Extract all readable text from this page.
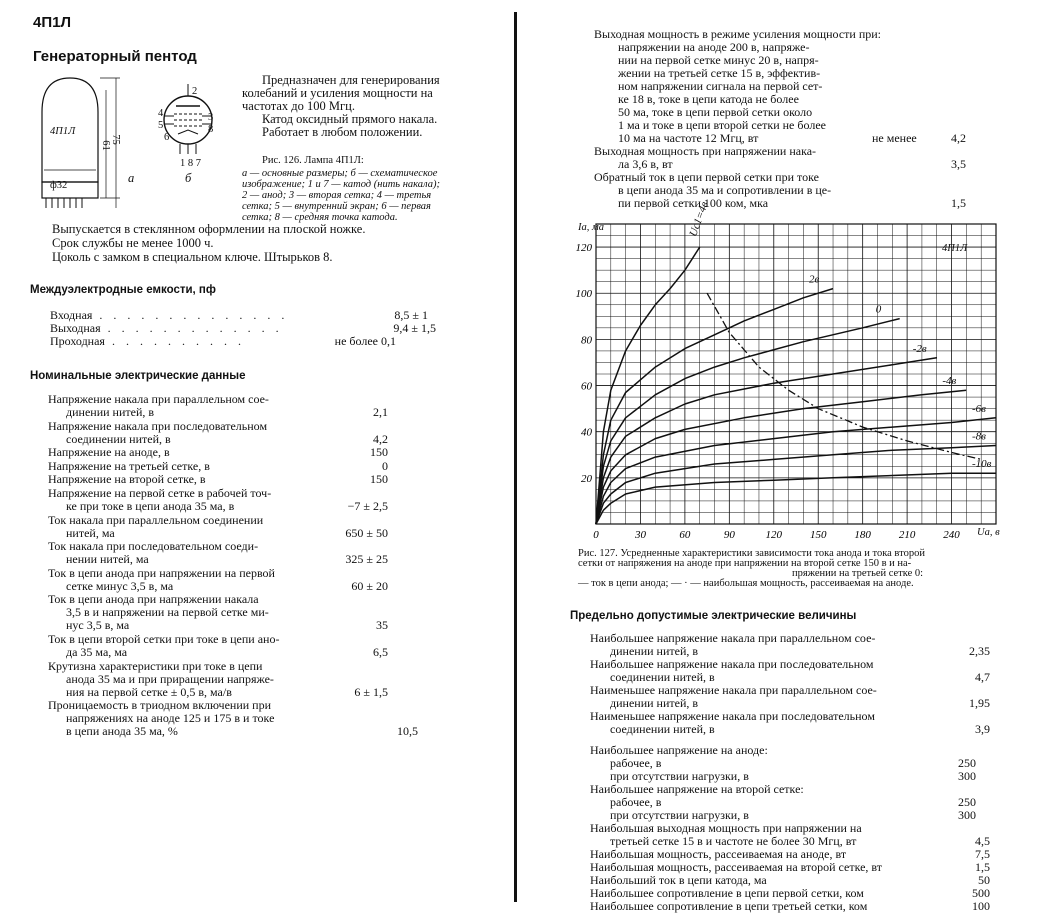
4П1Л
Генераторный пентод
4П1Л
ф32
61
75
а	б
2
4
5
6
3
8
1 8 7
Предназначен для генерирования
колебаний и усиления мощности на
частотах до 100 Мгц.
Катод оксидный прямого накала.
Работает в любом положении.
Рис. 126. Лампа 4П1Л:
а — основные размеры; б — схематическое
изображение; 1 и 7 — катод (нить накала);
2 — анод; 3 — вторая сетка; 4 — третья
сетка; 5 — внутренний экран; 6 — первая
сетка; 8 — средняя точка катода.
Выпускается в стеклянном оформлении на плоской ножке.
Срок службы не менее 1000 ч.
Цоколь с замком в специальном ключе. Штырьков 8.
Междуэлектродные емкости, пф
Входная . . . . . . . . . . . . . .	8,5 ± 1
Выходная . . . . . . . . . . . . .	9,4 ± 1,5
Проходная . . . . . . . . . .	не более 0,1
Номинальные электрические данные
Напряжение накала при параллельном сое-
динении нитей, в	2,1
Напряжение накала при последовательном
соединении нитей, в	4,2
Напряжение на аноде, в	150
Напряжение на третьей сетке, в	0
Напряжение на второй сетке, в	150
Напряжение на первой сетке в рабочей точ-
ке при токе в цепи анода 35 ма, в	−7 ± 2,5
Ток накала при параллельном соединении
нитей, ма	650 ± 50
Ток накала при последовательном соеди-
нении нитей, ма	325 ± 25
Ток в цепи анода при напряжении на первой
сетке минус 3,5 в, ма	60 ± 20
Ток в цепи анода при напряжении накала
3,5 в и напряжении на первой сетке ми-
нус 3,5 в, ма	35
Ток в цепи второй сетки при токе в цепи ано-
да 35 ма, ма	6,5
Крутизна характеристики при токе в цепи
анода 35 ма и при приращении напряже-
ния на первой сетке ± 0,5 в, ма/в	6 ± 1,5
Проницаемость в триодном включении при
напряжениях на аноде 125 и 175 в и токе
в цепи анода 35 ма, %	10,5
Выходная мощность в режиме усиления мощности при:
напряжении на аноде 200 в, напряже-
нии на первой сетке минус 20 в, напря-
жении на третьей сетке 15 в, эффектив-
ном напряжении сигнала на первой сет-
ке 18 в, токе в цепи катода не более
50 ма, токе в цепи первой сетки около
1 ма и токе в цепи второй сетки не более
10 ма на частоте 12 Мгц, вт	не менее	4,2
Выходная мощность при напряжении нака-
ла 3,6 в, вт	3,5
Обратный ток в цепи первой сетки при токе
в цепи анода 35 ма и сопротивлении в це-
пи первой сетки 100 ком, мка	1,5
0	30	60	90	120	150	180	210	240
20
40
60
80
100
120
Uc1=4в
2в
0
-2в
-4в
-6в
-8в
-10в
Ia, ма
Ua, в
4П1Л
Рис. 127. Усредненные характеристики зависимости тока анода и тока второй
сетки от напряжения на аноде при напряжении на второй сетке 150 в и на-
пряжении на третьей сетке 0:
— ток в цепи анода; — · — наибольшая мощность, рассеиваемая на аноде.
Предельно допустимые электрические величины
Наибольшее напряжение накала при параллельном сое-
динении нитей, в	2,35
Наибольшее напряжение накала при последовательном
соединении нитей, в	4,7
Наименьшее напряжение накала при параллельном сое-
динении нитей, в	1,95
Наименьшее напряжение накала при последовательном
соединении нитей, в	3,9
Наибольшее напряжение на аноде:
рабочее, в	250
при отсутствии нагрузки, в	300
Наибольшее напряжение на второй сетке:
рабочее, в	250
при отсутствии нагрузки, в	300
Наибольшая выходная мощность при напряжении на
третьей сетке 15 в и частоте не более 30 Мгц, вт	4,5
Наибольшая мощность, рассеиваемая на аноде, вт	7,5
Наибольшая мощность, рассеиваемая на второй сетке, вт	1,5
Наибольший ток в цепи катода, ма	50
Наибольшее сопротивление в цепи первой сетки, ком	500
Наибольшее сопротивление в цепи третьей сетки, ком	100
